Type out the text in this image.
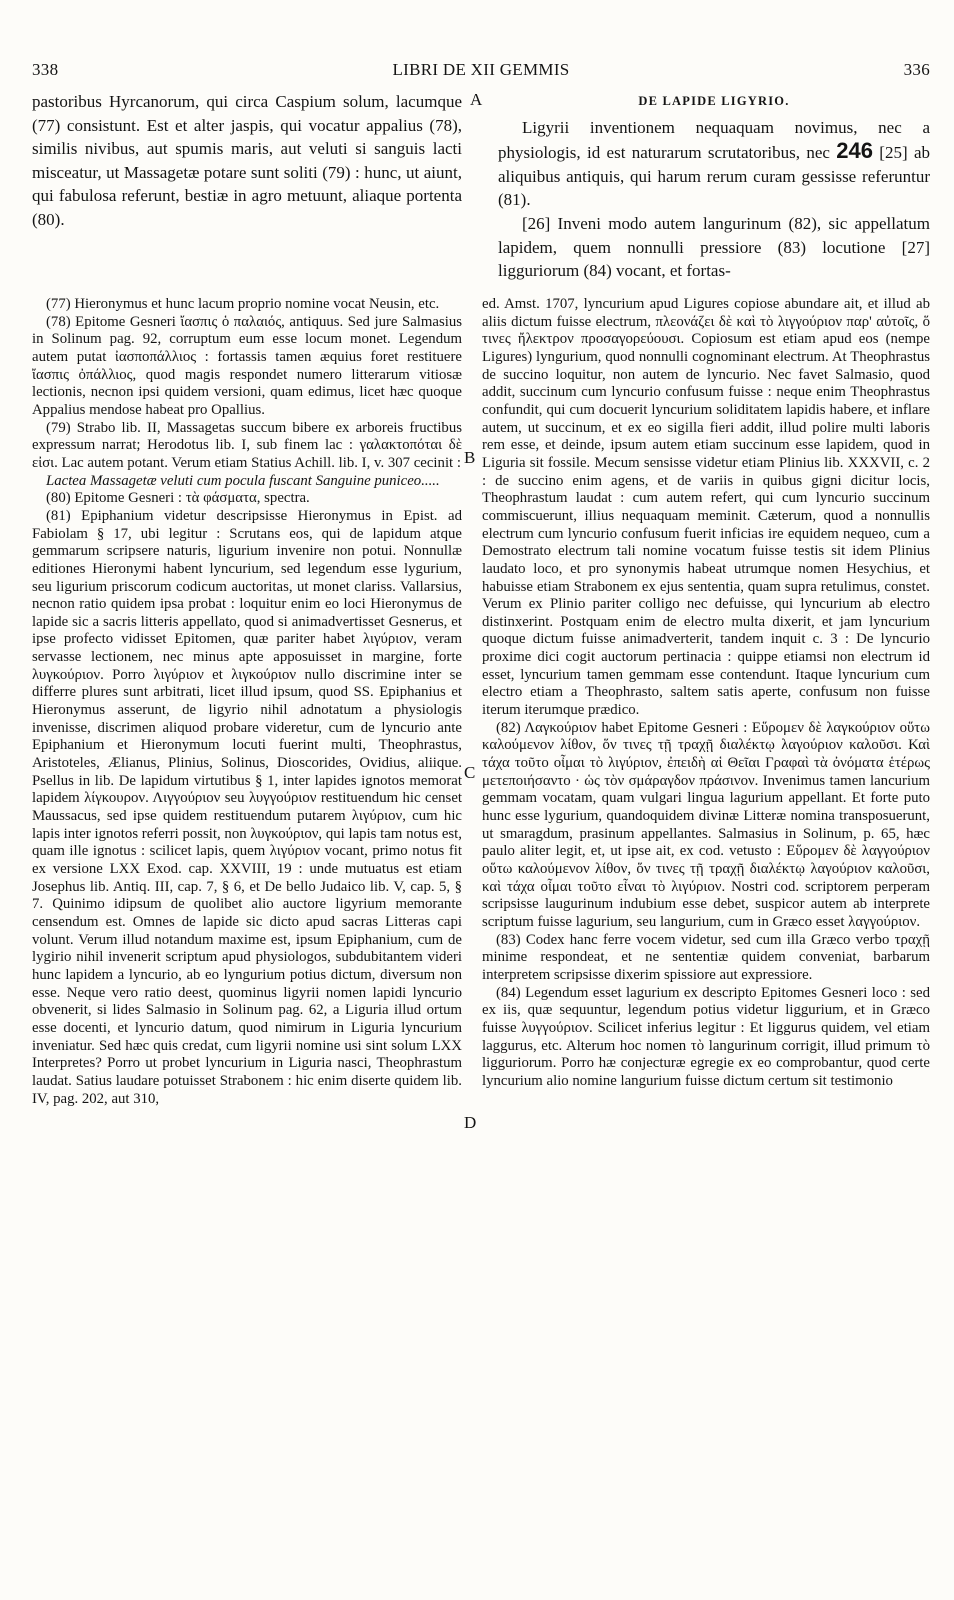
338	LIBRI DE XII GEMMIS	336
A
B
C
D

pastoribus Hyrcanorum, qui circa Caspium solum, lacumque (77) consistunt. Est et alter jaspis, qui vocatur appalius (78), similis nivibus, aut spumis maris, aut veluti si sanguis lacti misceatur, ut Massagetæ potare sunt soliti (79) : hunc, ut aiunt, qui fabulosa referunt, bestiæ in agro metuunt, aliaque portenta (80).

DE LAPIDE LIGYRIO.

Ligyrii inventionem nequaquam novimus, nec a physiologis, id est naturarum scrutatoribus, nec 246 [25] ab aliquibus antiquis, qui harum rerum curam gessisse referuntur (81).

[26] Inveni modo autem langurinum (82), sic appellatum lapidem, quem nonnulli pressiore (83) locutione [27] ligguriorum (84) vocant, et fortas-

(77) Hieronymus et hunc lacum proprio nomine vocat Neusin, etc.

(78) Epitome Gesneri ἴασπις ὁ παλαιός, antiquus. Sed jure Salmasius in Solinum pag. 92, corruptum eum esse locum monet. Legendum autem putat ἰασποπάλλιος : fortassis tamen æquius foret restituere ἴασπις ὀπάλλιος, quod magis respondet numero litterarum vitiosæ lectionis, necnon ipsi quidem versioni, quam edimus, licet hæc quoque Appalius mendose habeat pro Opallius.

(79) Strabo lib. II, Massagetas succum bibere ex arboreis fructibus expressum narrat; Herodotus lib. I, sub finem lac : γαλακτοπόται δὲ εἰσι. Lac autem potant. Verum etiam Statius Achill. lib. I, v. 307 cecinit :

Lactea Massagetæ veluti cum pocula fuscant Sanguine puniceo.....

(80) Epitome Gesneri : τὰ φάσματα, spectra.

(81) Epiphanium videtur descripsisse Hieronymus in Epist. ad Fabiolam § 17, ubi legitur : Scrutans eos, qui de lapidum atque gemmarum scripsere naturis, ligurium invenire non potui. Nonnullæ editiones Hieronymi habent lyncurium, sed legendum esse lygurium, seu ligurium priscorum codicum auctoritas, ut monet clariss. Vallarsius, necnon ratio quidem ipsa probat : loquitur enim eo loci Hieronymus de lapide sic a sacris litteris appellato, quod si animadvertisset Gesnerus, et ipse profecto vidisset Epitomen, quæ pariter habet λιγύριον, veram servasse lectionem, nec minus apte apposuisset in margine, forte λυγκούριον. Porro λιγύριον et λιγκούριον nullo discrimine inter se differre plures sunt arbitrati, licet illud ipsum, quod SS. Epiphanius et Hieronymus asserunt, de ligyrio nihil adnotatum a physiologis invenisse, discrimen aliquod probare videretur, cum de lyncurio ante Epiphanium et Hieronymum locuti fuerint multi, Theophrastus, Aristoteles, Ælianus, Plinius, Solinus, Dioscorides, Ovidius, aliique. Psellus in lib. De lapidum virtutibus § 1, inter lapides ignotos memorat lapidem λίγκουρον. Λιγγούριον seu λυγγούριον restituendum hic censet Maussacus, sed ipse quidem restituendum putarem λιγύριον, cum hic lapis inter ignotos referri possit, non λυγκούριον, qui lapis tam notus est, quam ille ignotus : scilicet lapis, quem λιγύριον vocant, primo notus fit ex versione LXX Exod. cap. XXVIII, 19 : unde mutuatus est etiam Josephus lib. Antiq. III, cap. 7, § 6, et De bello Judaico lib. V, cap. 5, § 7. Quinimo idipsum de quolibet alio auctore ligyrium memorante censendum est. Omnes de lapide sic dicto apud sacras Litteras capi volunt. Verum illud notandum maxime est, ipsum Epiphanium, cum de lygirio nihil invenerit scriptum apud physiologos, subdubitantem videri hunc lapidem a lyncurio, ab eo lyngurium potius dictum, diversum non esse. Neque vero ratio deest, quominus ligyrii nomen lapidi lyncurio obvenerit, si lides Salmasio in Solinum pag. 62, a Liguria illud ortum esse docenti, et lyncurio datum, quod nimirum in Liguria lyncurium inveniatur. Sed hæc quis credat, cum ligyrii nomine usi sint solum LXX Interpretes? Porro ut probet lyncurium in Liguria nasci, Theophrastum laudat. Satius laudare potuisset Strabonem : hic enim diserte quidem lib. IV, pag. 202, aut 310,

ed. Amst. 1707, lyncurium apud Ligures copiose abundare ait, et illud ab aliis dictum fuisse electrum, πλεονάζει δὲ καὶ τὸ λιγγούριον παρ' αὐτοῖς, ὅ τινες ἤλεκτρον προσαγορεύουσι. Copiosum est etiam apud eos (nempe Ligures) lyngurium, quod nonnulli cognominant electrum. At Theophrastus de succino loquitur, non autem de lyncurio. Nec favet Salmasio, quod addit, succinum cum lyncurio confusum fuisse : neque enim Theophrastus confundit, qui cum docuerit lyncurium soliditatem lapidis habere, et inflare autem, ut succinum, et ex eo sigilla fieri addit, illud polire multi laboris rem esse, et deinde, ipsum autem etiam succinum esse lapidem, quod in Liguria sit fossile. Mecum sensisse videtur etiam Plinius lib. XXXVII, c. 2 : de succino enim agens, et de variis in quibus gigni dicitur locis, Theophrastum laudat : cum autem refert, qui cum lyncurio succinum commiscuerunt, illius nequaquam meminit. Cæterum, quod a nonnullis electrum cum lyncurio confusum fuerit inficias ire equidem nequeo, cum a Demostrato electrum tali nomine vocatum fuisse testis sit idem Plinius laudato loco, et pro synonymis habeat utrumque nomen Hesychius, et habuisse etiam Strabonem ex ejus sententia, quam supra retulimus, constet. Verum ex Plinio pariter colligo nec defuisse, qui lyncurium ab electro distinxerint. Postquam enim de electro multa dixerit, et jam lyncurium quoque dictum fuisse animadverterit, tandem inquit c. 3 : De lyncurio proxime dici cogit auctorum pertinacia : quippe etiamsi non electrum id esset, lyncurium tamen gemmam esse contendunt. Itaque lyncurium cum electro etiam a Theophrasto, saltem satis aperte, confusum non fuisse iterum iterumque prædico.

(82) Λαγκούριον habet Epitome Gesneri : Εὕρομεν δὲ λαγκούριον οὕτω καλούμενον λίθον, ὅν τινες τῇ τραχῇ διαλέκτῳ λαγούριον καλοῦσι. Καὶ τάχα τοῦτο οἶμαι τὸ λιγύριον, ἐπειδὴ αἱ Θεῖαι Γραφαὶ τὰ ὀνόματα ἑτέρως μετεποιήσαντο · ὡς τὸν σμάραγδον πράσινον. Invenimus tamen lancurium gemmam vocatam, quam vulgari lingua lagurium appellant. Et forte puto hunc esse lygurium, quandoquidem divinæ Litteræ nomina transposuerunt, ut smaragdum, prasinum appellantes. Salmasius in Solinum, p. 65, hæc paulo aliter legit, et, ut ipse ait, ex cod. vetusto : Εὕρομεν δὲ λαγγούριον οὕτω καλούμενον λίθον, ὅν τινες τῇ τραχῇ διαλέκτῳ λαγούριον καλοῦσι, καὶ τάχα οἶμαι τοῦτο εἶναι τὸ λιγύριον. Nostri cod. scriptorem perperam scripsisse laugurinum indubium esse debet, suspicor autem ab interprete scriptum fuisse lagurium, seu langurium, cum in Græco esset λαγγούριον.

(83) Codex hanc ferre vocem videtur, sed cum illa Græco verbo τραχῇ minime respondeat, et ne sententiæ quidem conveniat, barbarum interpretem scripsisse dixerim spissiore aut expressiore.

(84) Legendum esset lagurium ex descripto Epitomes Gesneri loco : sed ex iis, quæ sequuntur, legendum potius videtur liggurium, et in Græco fuisse λυγγούριον. Scilicet inferius legitur : Et liggurus quidem, vel etiam laggurus, etc. Alterum hoc nomen τὸ langurinum corrigit, illud primum τὸ ligguriorum. Porro hæ conjecturæ egregie ex eo comprobantur, quod certe lyncurium alio nomine langurium fuisse dictum certum sit testimonio
